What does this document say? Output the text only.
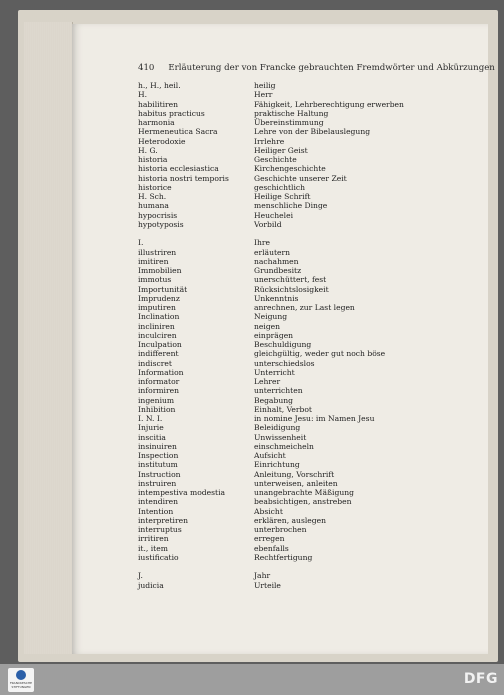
410 Erläuterung der von Francke gebrauchten Fremdwörter und Abkürzungen
h., H., heil.	heilig
H.	Herr
habilitiren	Fähigkeit, Lehrberechtigung erwerben
habitus practicus	praktische Haltung
harmonia	Übereinstimmung
Hermeneutica Sacra	Lehre von der Bibelauslegung
Heterodoxie	Irrlehre
H. G.	Heiliger Geist
historia	Geschichte
historia ecclesiastica	Kirchengeschichte
historia nostri temporis	Geschichte unserer Zeit
historice	geschichtlich
H. Sch.	Heilige Schrift
humana	menschliche Dinge
hypocrisis	Heuchelei
hypotyposis	Vorbild
I.	Ihre
illustriren	erläutern
imitiren	nachahmen
Immobilien	Grundbesitz
immotus	unerschüttert, fest
Importunität	Rücksichtslosigkeit
Imprudenz	Unkenntnis
imputiren	anrechnen, zur Last legen
Inclination	Neigung
incliniren	neigen
inculciren	einprägen
Inculpation	Beschuldigung
indifferent	gleichgültig, weder gut noch böse
indiscret	unterschiedslos
Information	Unterricht
informator	Lehrer
informiren	unterrichten
ingenium	Begabung
Inhibition	Einhalt, Verbot
I. N. I.	in nomine Jesu: im Namen Jesu
Injurie	Beleidigung
inscitia	Unwissenheit
insinuiren	einschmeicheln
Inspection	Aufsicht
institutum	Einrichtung
Instruction	Anleitung, Vorschrift
instruiren	unterweisen, anleiten
intempestiva modestia	unangebrachte Mäßigung
intendiren	beabsichtigen, anstreben
Intention	Absicht
interpretiren	erklären, auslegen
interruptus	unterbrochen
irritiren	erregen
it., item	ebenfalls
iustificatio	Rechtfertigung
J.	Jahr
judicia	Urteile
FRANCKESCHE STIFTUNGEN	DFG
